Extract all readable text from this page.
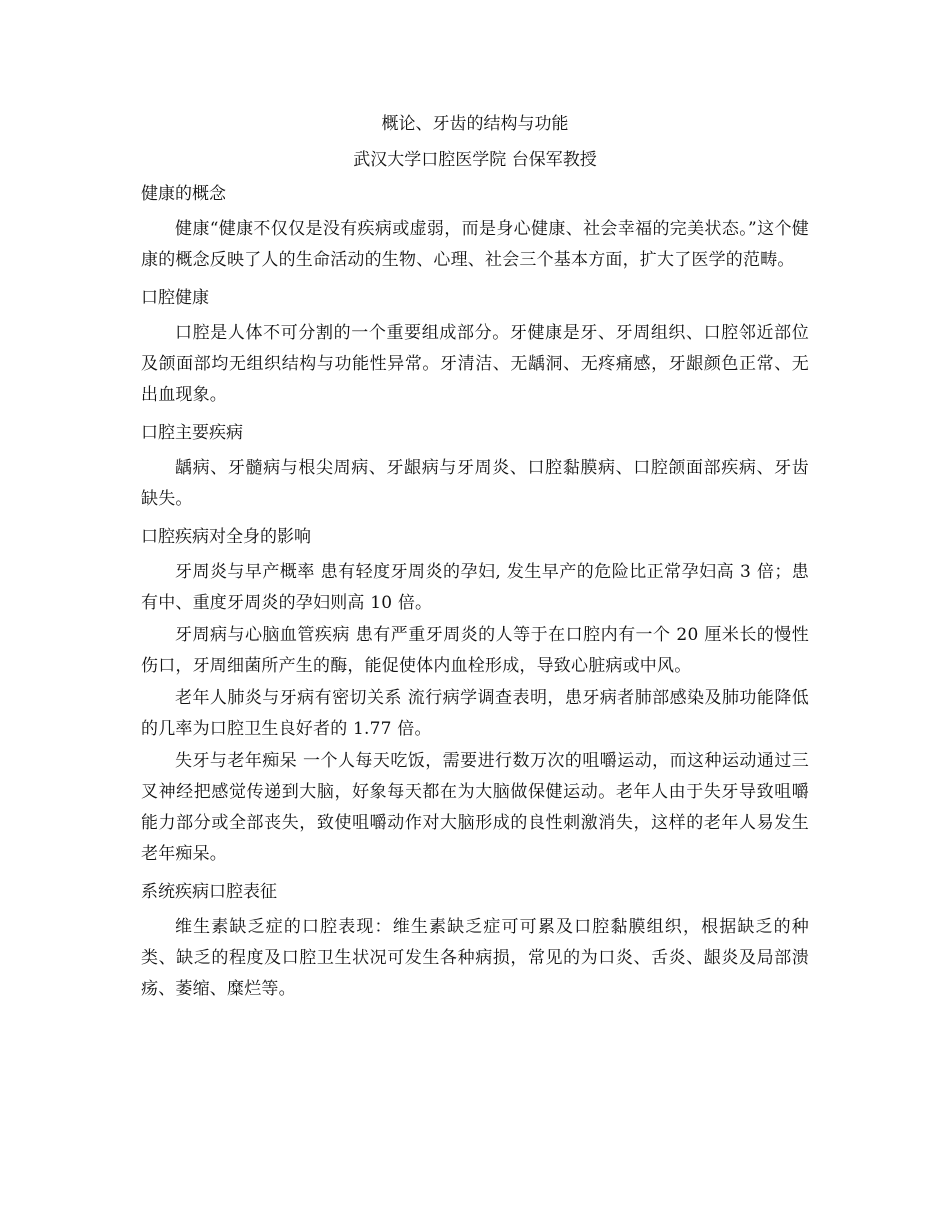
概论、牙齿的结构与功能

武汉大学口腔医学院 台保军教授

健康的概念

健康“健康不仅仅是没有疾病或虚弱，而是身心健康、社会幸福的完美状态。”这个健康的概念反映了人的生命活动的生物、心理、社会三个基本方面，扩大了医学的范畴。

口腔健康

口腔是人体不可分割的一个重要组成部分。牙健康是牙、牙周组织、口腔邻近部位及颌面部均无组织结构与功能性异常。牙清洁、无龋洞、无疼痛感，牙龈颜色正常、无出血现象。

口腔主要疾病

龋病、牙髓病与根尖周病、牙龈病与牙周炎、口腔黏膜病、口腔颌面部疾病、牙齿缺失。

口腔疾病对全身的影响

牙周炎与早产概率 患有轻度牙周炎的孕妇, 发生早产的危险比正常孕妇高 3 倍；患有中、重度牙周炎的孕妇则高 10 倍。

牙周病与心脑血管疾病 患有严重牙周炎的人等于在口腔内有一个 20 厘米长的慢性伤口，牙周细菌所产生的酶，能促使体内血栓形成，导致心脏病或中风。

老年人肺炎与牙病有密切关系 流行病学调查表明，患牙病者肺部感染及肺功能降低的几率为口腔卫生良好者的 1.77 倍。

失牙与老年痴呆 一个人每天吃饭，需要进行数万次的咀嚼运动，而这种运动通过三叉神经把感觉传递到大脑，好象每天都在为大脑做保健运动。老年人由于失牙导致咀嚼能力部分或全部丧失，致使咀嚼动作对大脑形成的良性刺激消失，这样的老年人易发生老年痴呆。

系统疾病口腔表征

维生素缺乏症的口腔表现：维生素缺乏症可可累及口腔黏膜组织，根据缺乏的种类、缺乏的程度及口腔卫生状况可发生各种病损，常见的为口炎、舌炎、龈炎及局部溃疡、萎缩、糜烂等。
